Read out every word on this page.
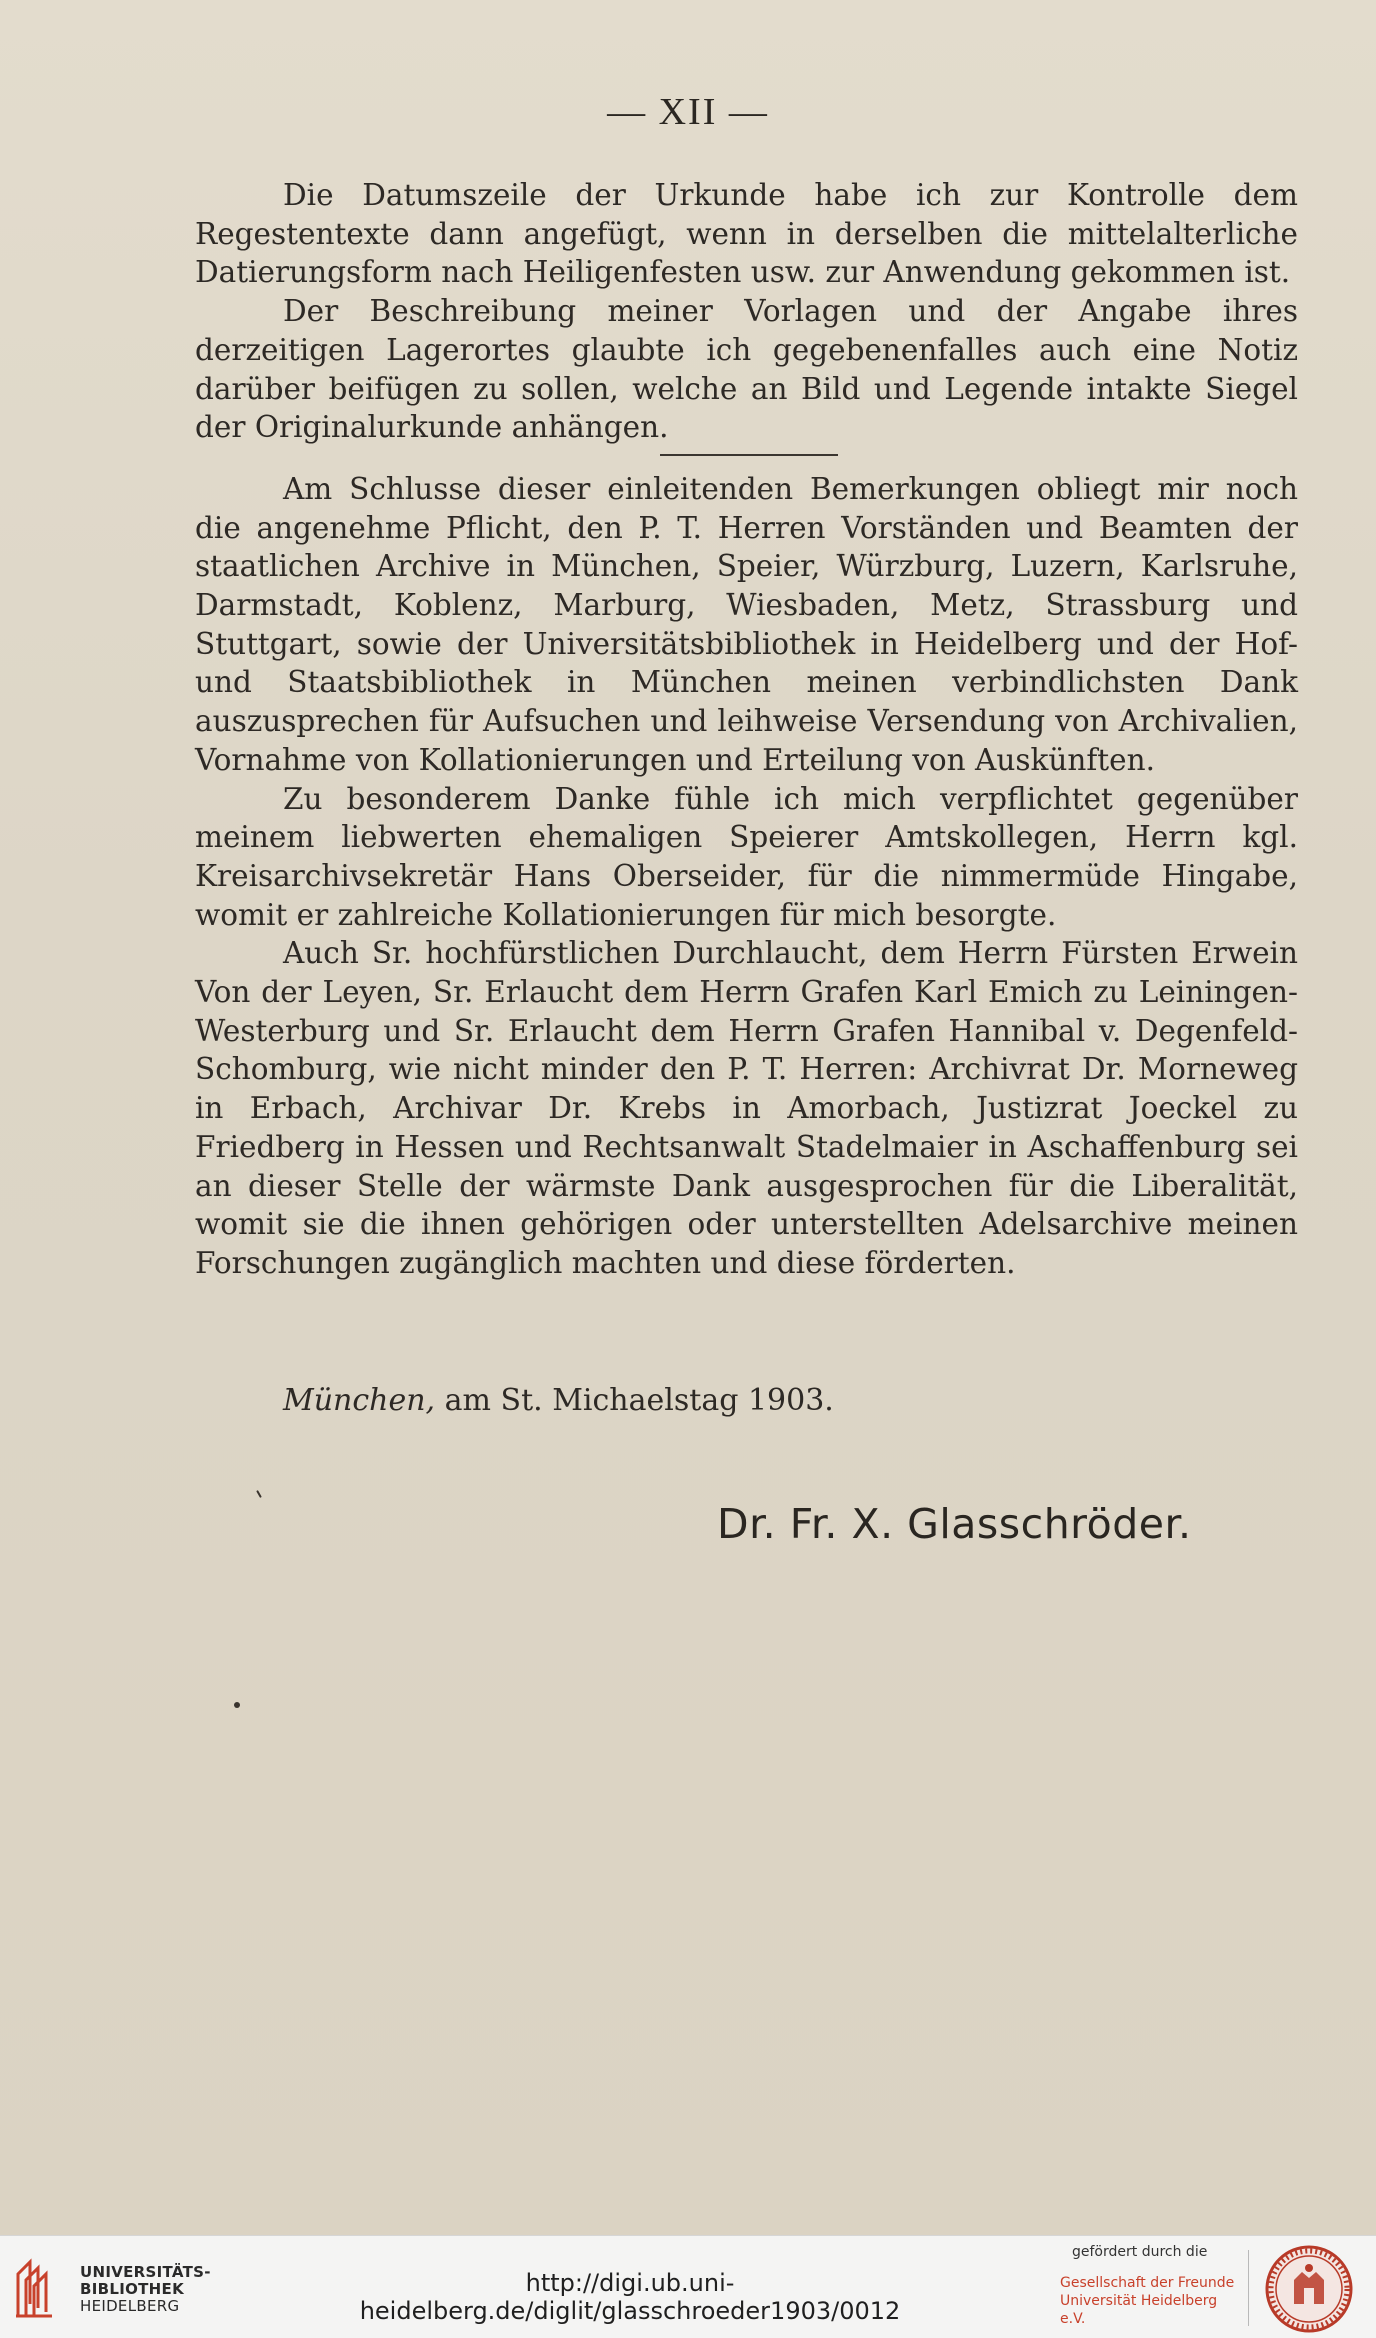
— XII —

Die Datumszeile der Urkunde habe ich zur Kontrolle dem Regestentexte dann angefügt, wenn in derselben die mittelalterliche Datierungsform nach Heiligenfesten usw. zur Anwendung gekommen ist.

Der Beschreibung meiner Vorlagen und der Angabe ihres derzeitigen Lagerortes glaubte ich gegebenenfalles auch eine Notiz darüber beifügen zu sollen, welche an Bild und Legende intakte Siegel der Originalurkunde anhängen.

Am Schlusse dieser einleitenden Bemerkungen obliegt mir noch die angenehme Pflicht, den P. T. Herren Vorständen und Beamten der staatlichen Archive in München, Speier, Würzburg, Luzern, Karlsruhe, Darmstadt, Koblenz, Marburg, Wiesbaden, Metz, Strassburg und Stuttgart, sowie der Universitätsbibliothek in Heidelberg und der Hof- und Staatsbibliothek in München meinen verbindlichsten Dank auszusprechen für Aufsuchen und leihweise Versendung von Archivalien, Vornahme von Kollationierungen und Erteilung von Auskünften.

Zu besonderem Danke fühle ich mich verpflichtet gegenüber meinem liebwerten ehemaligen Speierer Amtskollegen, Herrn kgl. Kreisarchivsekretär Hans Oberseider, für die nimmermüde Hingabe, womit er zahlreiche Kollationierungen für mich besorgte.

Auch Sr. hochfürstlichen Durchlaucht, dem Herrn Fürsten Erwein Von der Leyen, Sr. Erlaucht dem Herrn Grafen Karl Emich zu Leiningen-Westerburg und Sr. Erlaucht dem Herrn Grafen Hannibal v. Degenfeld-Schomburg, wie nicht minder den P. T. Herren: Archivrat Dr. Morneweg in Erbach, Archivar Dr. Krebs in Amorbach, Justizrat Joeckel zu Friedberg in Hessen und Rechtsanwalt Stadelmaier in Aschaffenburg sei an dieser Stelle der wärmste Dank ausgesprochen für die Liberalität, womit sie die ihnen gehörigen oder unterstellten Adelsarchive meinen Forschungen zugänglich machten und diese förderten.

München, am St. Michaelstag 1903.
Dr. Fr. X. Glasschröder.
UNIVERSITÄTS-
BIBLIOTHEK
HEIDELBERG
http://digi.ub.uni-heidelberg.de/diglit/glasschroeder1903/0012
gefördert durch die
Gesellschaft der Freunde
Universität Heidelberg e.V.
